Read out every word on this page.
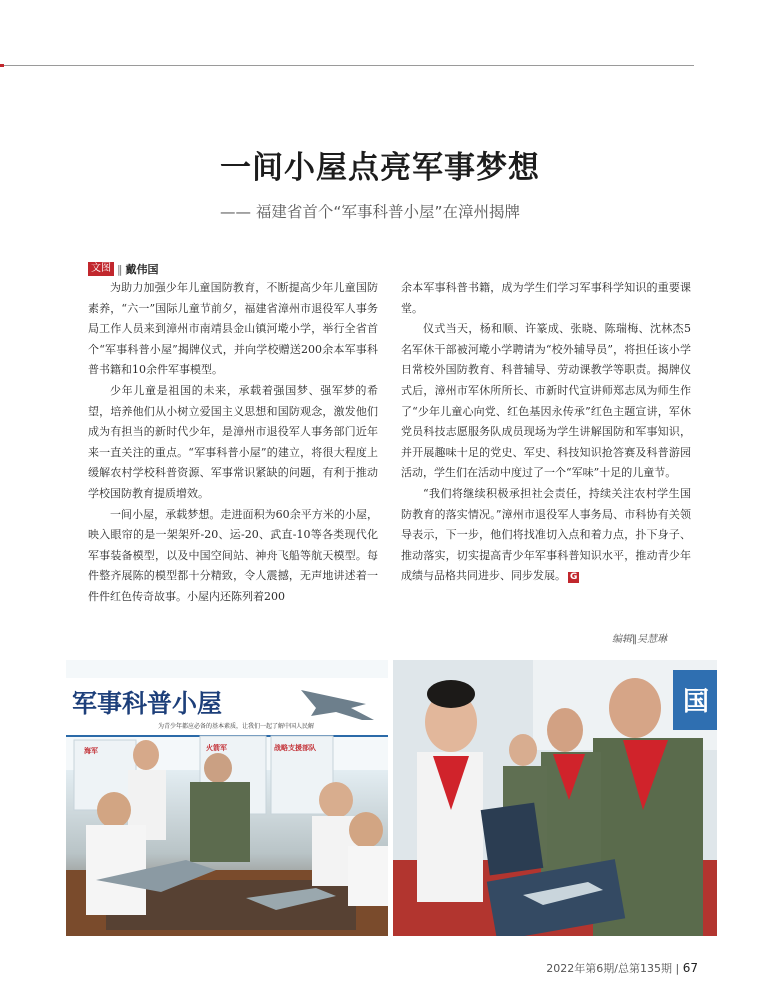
一间小屋点亮军事梦想
—— 福建省首个“军事科普小屋”在漳州揭牌
文图 ‖ 戴伟国

为助力加强少年儿童国防教育，不断提高少年儿童国防素养，“六一”国际儿童节前夕，福建省漳州市退役军人事务局工作人员来到漳州市南靖县金山镇河墘小学，举行全省首个“军事科普小屋”揭牌仪式，并向学校赠送200余本军事科普书籍和10余件军事模型。

少年儿童是祖国的未来，承载着强国梦、强军梦的希望，培养他们从小树立爱国主义思想和国防观念，激发他们成为有担当的新时代少年，是漳州市退役军人事务部门近年来一直关注的重点。“军事科普小屋”的建立，将很大程度上缓解农村学校科普资源、军事常识紧缺的问题，有利于推动学校国防教育提质增效。

一间小屋，承载梦想。走进面积为60余平方米的小屋，映入眼帘的是一架架歼-20、运-20、武直-10等各类现代化军事装备模型，以及中国空间站、神舟飞船等航天模型。每件整齐展陈的模型都十分精致，令人震撼，无声地讲述着一件件红色传奇故事。小屋内还陈列着200

余本军事科普书籍，成为学生们学习军事科学知识的重要课堂。

仪式当天，杨和顺、许篆成、张晓、陈瑞梅、沈林杰5名军休干部被河墘小学聘请为“校外辅导员”，将担任该小学日常校外国防教育、科普辅导、劳动课教学等职责。揭牌仪式后，漳州市军休所所长、市新时代宣讲师郑志凤为师生作了“少年儿童心向党、红色基因永传承”红色主题宣讲，军休党员科技志愿服务队成员现场为学生讲解国防和军事知识，并开展趣味十足的党史、军史、科技知识抢答赛及科普游园活动，学生们在活动中度过了一个“军味”十足的儿童节。

“我们将继续积极承担社会责任，持续关注农村学生国防教育的落实情况。”漳州市退役军人事务局、市科协有关领导表示，下一步，他们将找准切入点和着力点，扑下身子、推动落实，切实提高青少年军事科普知识水平，推动青少年成绩与品格共同进步、同步发展。 G

编辑‖吴慧琳
军事科普小屋
为青少年都应必备的基本素质，让我们一起了解中国人民解
海军	火箭军	战略支援部队
国
2022年第6期/总第135期 | 67
